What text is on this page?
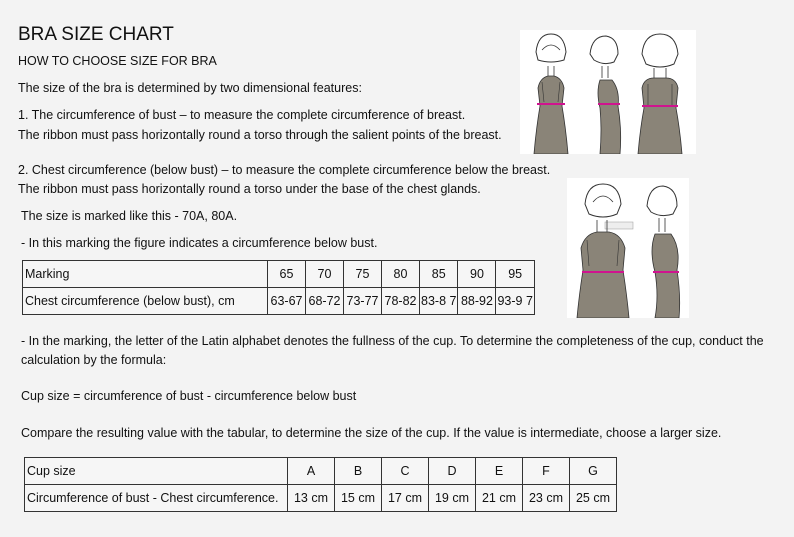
BRA SIZE CHART
HOW TO CHOOSE SIZE FOR BRA
The size of the bra is determined by two dimensional features:
1. The circumference of bust – to measure the complete circumference of breast.
The ribbon must pass horizontally round a torso through the salient points of the breast.
2. Chest circumference (below bust) – to measure the complete circumference below the breast.
The ribbon must pass horizontally round a torso under the base of the chest glands.
The size is marked like this - 70A, 80A.
- In this marking the figure indicates a circumference below bust.
Marking	65	70	75	80	85	90	95
Chest circumference (below bust), cm	63-67	68-72	73-77	78-82	83-8 7	88-92	93-9 7
- In the marking, the letter of the Latin alphabet denotes the fullness of the cup. To determine the completeness of the cup, conduct the
calculation by the formula:
Cup size = circumference of bust - circumference below bust
Compare the resulting value with the tabular, to determine the size of the cup. If the value is intermediate, choose a larger size.
Cup size	A	B	C	D	E	F	G
Circumference of bust - Chest circumference.	13 cm	15 cm	17 cm	19 cm	21 cm	23 cm	25 cm
